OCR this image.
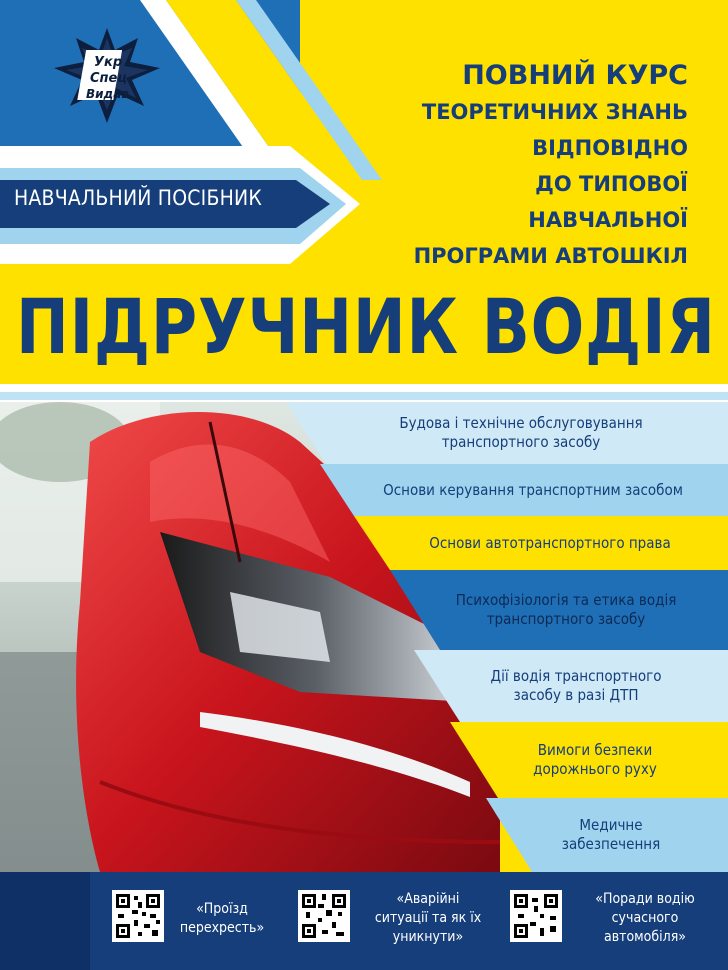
Укр
Спец
Видав
НАВЧАЛЬНИЙ ПОСІБНИК
ПОВНИЙ КУРС
ТЕОРЕТИЧНИХ ЗНАНЬ
ВІДПОВІДНО
ДО ТИПОВОЇ
НАВЧАЛЬНОЇ
ПРОГРАМИ АВТОШКІЛ
ПІДРУЧНИК ВОДІЯ
Будова і технічне обслуговування
транспортного засобу
Основи керування транспортним засобом
Основи автотранспортного права
Психофізіологія та етика водія
транспортного засобу
Дії водія транспортного
засобу в разі ДТП
Вимоги безпеки
дорожнього руху
Медичне
забезпечення
«Проїзд
перехресть»
«Аварійні
ситуації та як їх
уникнути»
«Поради водію
сучасного
автомобіля»
